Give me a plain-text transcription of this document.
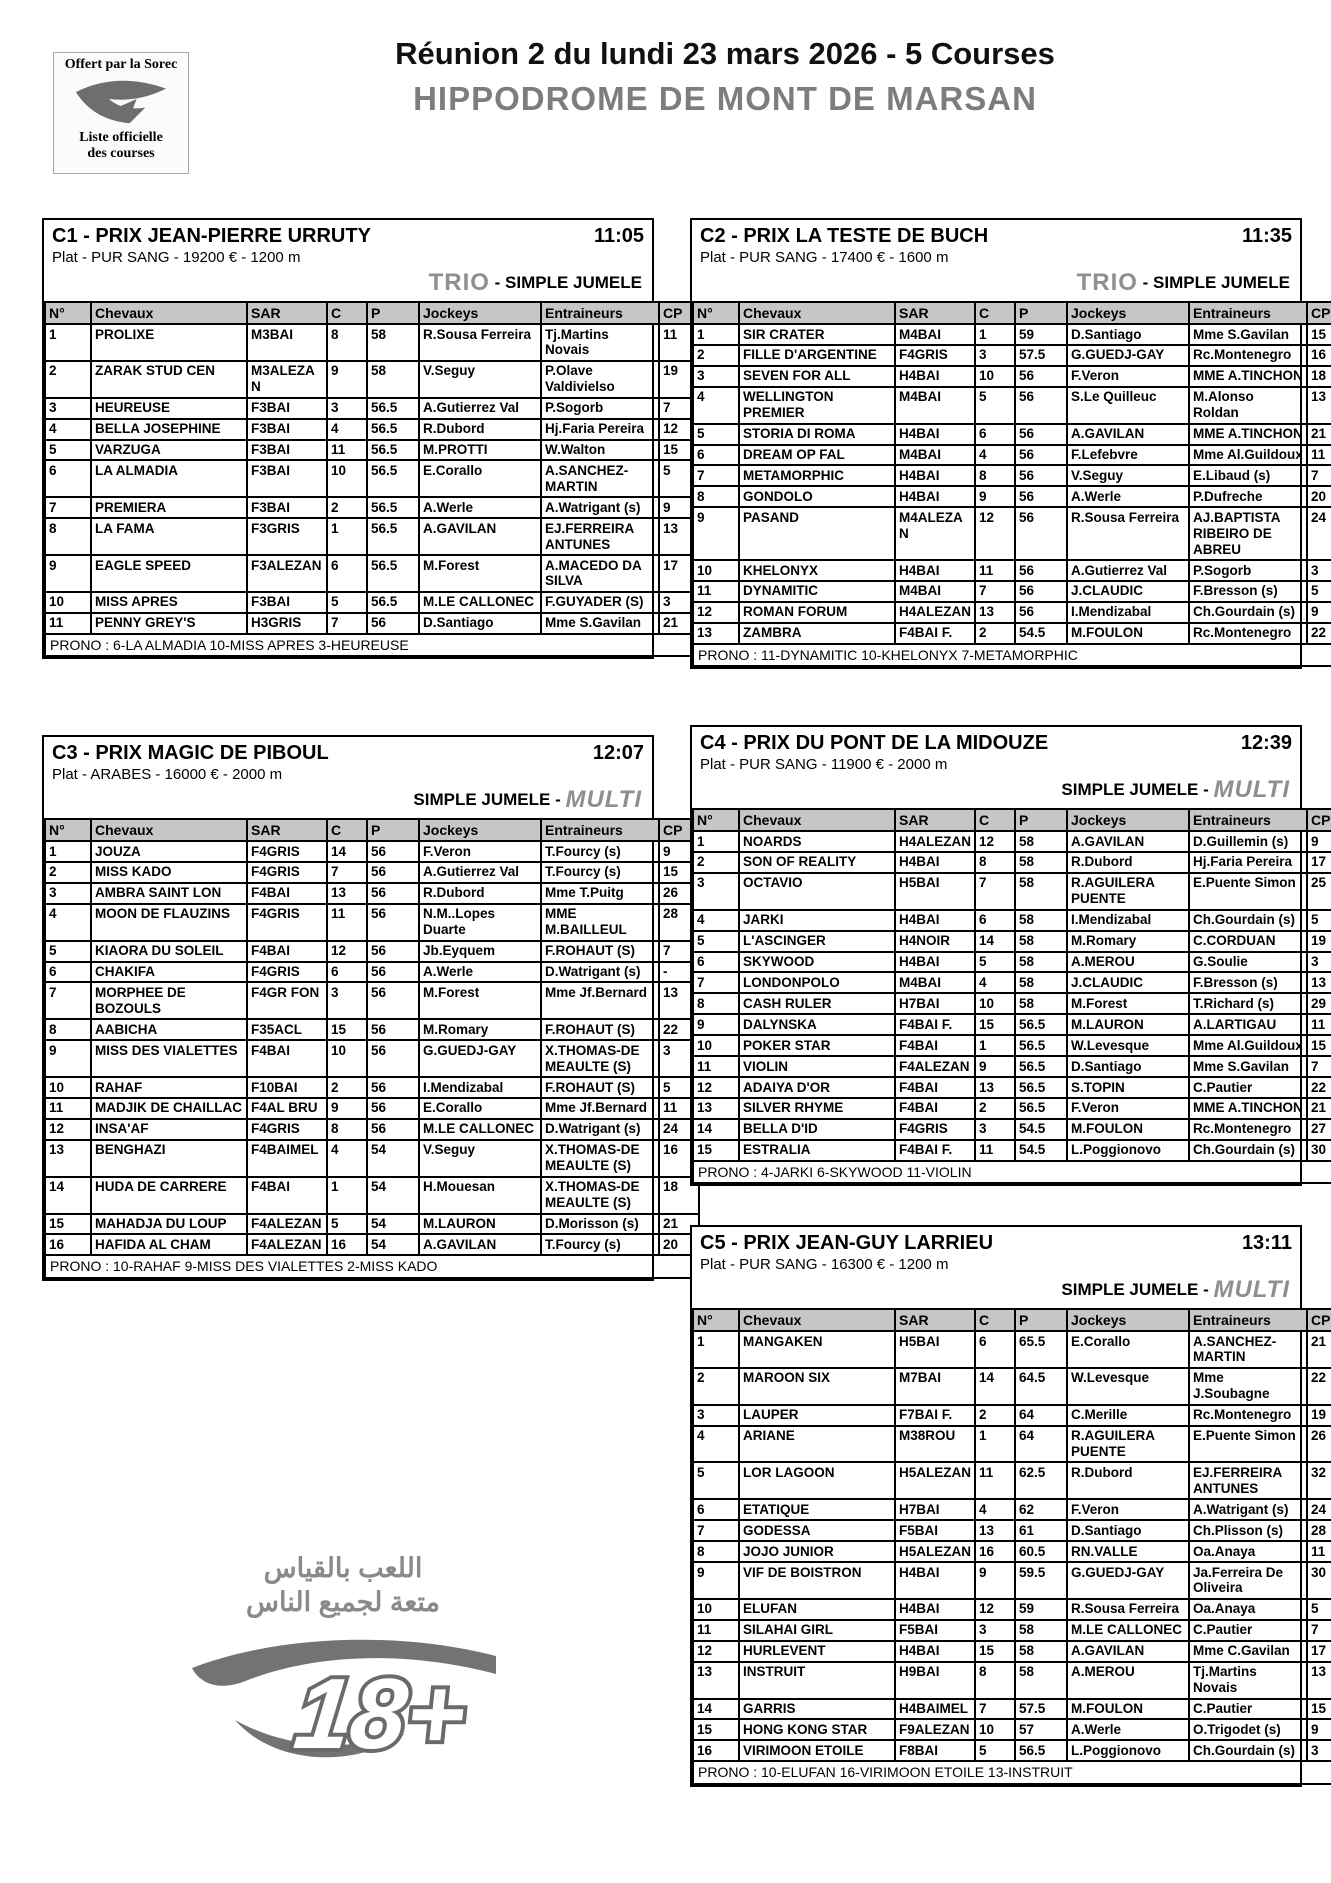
Offert par la Sorec
Liste officielle
des courses
Réunion 2 du lundi 23 mars 2026 - 5 Courses
HIPPODROME DE MONT DE MARSAN
C1 - PRIX JEAN-PIERRE URRUTY	11:05
Plat - PUR SANG - 19200 € - 1200 m
TRIO - SIMPLE JUMELE
N°	Chevaux	SAR	C	P	Jockeys	Entraineurs	CP
1	PROLIXE	M3BAI	8	58	R.Sousa Ferreira	Tj.Martins Novais	11
2	ZARAK STUD CEN	M3ALEZAN	9	58	V.Seguy	P.Olave Valdivielso	19
3	HEUREUSE	F3BAI	3	56.5	A.Gutierrez Val	P.Sogorb	7
4	BELLA JOSEPHINE	F3BAI	4	56.5	R.Dubord	Hj.Faria Pereira	12
5	VARZUGA	F3BAI	11	56.5	M.PROTTI	W.Walton	15
6	LA ALMADIA	F3BAI	10	56.5	E.Corallo	A.SANCHEZ-MARTIN	5
7	PREMIERA	F3BAI	2	56.5	A.Werle	A.Watrigant (s)	9
8	LA FAMA	F3GRIS	1	56.5	A.GAVILAN	EJ.FERREIRA ANTUNES	13
9	EAGLE SPEED	F3ALEZAN	6	56.5	M.Forest	A.MACEDO DA SILVA	17
10	MISS APRES	F3BAI	5	56.5	M.LE CALLONEC	F.GUYADER (S)	3
11	PENNY GREY'S	H3GRIS	7	56	D.Santiago	Mme S.Gavilan	21
PRONO : 6-LA ALMADIA 10-MISS APRES 3-HEUREUSE							
C2 - PRIX LA TESTE DE BUCH	11:35
Plat - PUR SANG - 17400 € - 1600 m
TRIO - SIMPLE JUMELE
N°	Chevaux	SAR	C	P	Jockeys	Entraineurs	CP
1	SIR CRATER	M4BAI	1	59	D.Santiago	Mme S.Gavilan	15
2	FILLE D'ARGENTINE	F4GRIS	3	57.5	G.GUEDJ-GAY	Rc.Montenegro	16
3	SEVEN FOR ALL	H4BAI	10	56	F.Veron	MME A.TINCHON	18
4	WELLINGTON PREMIER	M4BAI	5	56	S.Le Quilleuc	M.Alonso Roldan	13
5	STORIA DI ROMA	H4BAI	6	56	A.GAVILAN	MME A.TINCHON	21
6	DREAM OP FAL	M4BAI	4	56	F.Lefebvre	Mme Al.Guildoux	11
7	METAMORPHIC	H4BAI	8	56	V.Seguy	E.Libaud (s)	7
8	GONDOLO	H4BAI	9	56	A.Werle	P.Dufreche	20
9	PASAND	M4ALEZAN	12	56	R.Sousa Ferreira	AJ.BAPTISTA RIBEIRO DE ABREU	24
10	KHELONYX	H4BAI	11	56	A.Gutierrez Val	P.Sogorb	3
11	DYNAMITIC	M4BAI	7	56	J.CLAUDIC	F.Bresson (s)	5
12	ROMAN FORUM	H4ALEZAN	13	56	I.Mendizabal	Ch.Gourdain (s)	9
13	ZAMBRA	F4BAI F.	2	54.5	M.FOULON	Rc.Montenegro	22
PRONO : 11-DYNAMITIC 10-KHELONYX 7-METAMORPHIC							
C3 - PRIX MAGIC DE PIBOUL	12:07
Plat - ARABES - 16000 € - 2000 m
SIMPLE JUMELE - MULTI
N°	Chevaux	SAR	C	P	Jockeys	Entraineurs	CP
1	JOUZA	F4GRIS	14	56	F.Veron	T.Fourcy (s)	9
2	MISS KADO	F4GRIS	7	56	A.Gutierrez Val	T.Fourcy (s)	15
3	AMBRA SAINT LON	F4BAI	13	56	R.Dubord	Mme T.Puitg	26
4	MOON DE FLAUZINS	F4GRIS	11	56	N.M..Lopes Duarte	MME M.BAILLEUL	28
5	KIAORA DU SOLEIL	F4BAI	12	56	Jb.Eyquem	F.ROHAUT (S)	7
6	CHAKIFA	F4GRIS	6	56	A.Werle	D.Watrigant (s)	-
7	MORPHEE DE BOZOULS	F4GR FON	3	56	M.Forest	Mme Jf.Bernard	13
8	AABICHA	F35ACL	15	56	M.Romary	F.ROHAUT (S)	22
9	MISS DES VIALETTES	F4BAI	10	56	G.GUEDJ-GAY	X.THOMAS-DE MEAULTE (S)	3
10	RAHAF	F10BAI	2	56	I.Mendizabal	F.ROHAUT (S)	5
11	MADJIK DE CHAILLAC	F4AL BRU	9	56	E.Corallo	Mme Jf.Bernard	11
12	INSA'AF	F4GRIS	8	56	M.LE CALLONEC	D.Watrigant (s)	24
13	BENGHAZI	F4BAIMEL	4	54	V.Seguy	X.THOMAS-DE MEAULTE (S)	16
14	HUDA DE CARRERE	F4BAI	1	54	H.Mouesan	X.THOMAS-DE MEAULTE (S)	18
15	MAHADJA DU LOUP	F4ALEZAN	5	54	M.LAURON	D.Morisson (s)	21
16	HAFIDA AL CHAM	F4ALEZAN	16	54	A.GAVILAN	T.Fourcy (s)	20
PRONO : 10-RAHAF 9-MISS DES VIALETTES 2-MISS KADO							
C4 - PRIX DU PONT DE LA MIDOUZE	12:39
Plat - PUR SANG - 11900 € - 2000 m
SIMPLE JUMELE - MULTI
N°	Chevaux	SAR	C	P	Jockeys	Entraineurs	CP
1	NOARDS	H4ALEZAN	12	58	A.GAVILAN	D.Guillemin (s)	9
2	SON OF REALITY	H4BAI	8	58	R.Dubord	Hj.Faria Pereira	17
3	OCTAVIO	H5BAI	7	58	R.AGUILERA PUENTE	E.Puente Simon	25
4	JARKI	H4BAI	6	58	I.Mendizabal	Ch.Gourdain (s)	5
5	L'ASCINGER	H4NOIR	14	58	M.Romary	C.CORDUAN	19
6	SKYWOOD	H4BAI	5	58	A.MEROU	G.Soulie	3
7	LONDONPOLO	M4BAI	4	58	J.CLAUDIC	F.Bresson (s)	13
8	CASH RULER	H7BAI	10	58	M.Forest	T.Richard (s)	29
9	DALYNSKA	F4BAI F.	15	56.5	M.LAURON	A.LARTIGAU	11
10	POKER STAR	F4BAI	1	56.5	W.Levesque	Mme Al.Guildoux	15
11	VIOLIN	F4ALEZAN	9	56.5	D.Santiago	Mme S.Gavilan	7
12	ADAIYA D'OR	F4BAI	13	56.5	S.TOPIN	C.Pautier	22
13	SILVER RHYME	F4BAI	2	56.5	F.Veron	MME A.TINCHON	21
14	BELLA D'ID	F4GRIS	3	54.5	M.FOULON	Rc.Montenegro	27
15	ESTRALIA	F4BAI F.	11	54.5	L.Poggionovo	Ch.Gourdain (s)	30
PRONO : 4-JARKI 6-SKYWOOD 11-VIOLIN							
C5 - PRIX JEAN-GUY LARRIEU	13:11
Plat - PUR SANG - 16300 € - 1200 m
SIMPLE JUMELE - MULTI
N°	Chevaux	SAR	C	P	Jockeys	Entraineurs	CP
1	MANGAKEN	H5BAI	6	65.5	E.Corallo	A.SANCHEZ-MARTIN	21
2	MAROON SIX	M7BAI	14	64.5	W.Levesque	Mme J.Soubagne	22
3	LAUPER	F7BAI F.	2	64	C.Merille	Rc.Montenegro	19
4	ARIANE	M38ROU	1	64	R.AGUILERA PUENTE	E.Puente Simon	26
5	LOR LAGOON	H5ALEZAN	11	62.5	R.Dubord	EJ.FERREIRA ANTUNES	32
6	ETATIQUE	H7BAI	4	62	F.Veron	A.Watrigant (s)	24
7	GODESSA	F5BAI	13	61	D.Santiago	Ch.Plisson (s)	28
8	JOJO JUNIOR	H5ALEZAN	16	60.5	RN.VALLE	Oa.Anaya	11
9	VIF DE BOISTRON	H4BAI	9	59.5	G.GUEDJ-GAY	Ja.Ferreira De Oliveira	30
10	ELUFAN	H4BAI	12	59	R.Sousa Ferreira	Oa.Anaya	5
11	SILAHAI GIRL	F5BAI	3	58	M.LE CALLONEC	C.Pautier	7
12	HURLEVENT	H4BAI	15	58	A.GAVILAN	Mme C.Gavilan	17
13	INSTRUIT	H9BAI	8	58	A.MEROU	Tj.Martins Novais	13
14	GARRIS	H4BAIMEL	7	57.5	M.FOULON	C.Pautier	15
15	HONG KONG STAR	F9ALEZAN	10	57	A.Werle	O.Trigodet (s)	9
16	VIRIMOON ETOILE	F8BAI	5	56.5	L.Poggionovo	Ch.Gourdain (s)	3
PRONO : 10-ELUFAN 16-VIRIMOON ETOILE 13-INSTRUIT							
اللعب بالقياس
متعة لجميع الناس
18+
